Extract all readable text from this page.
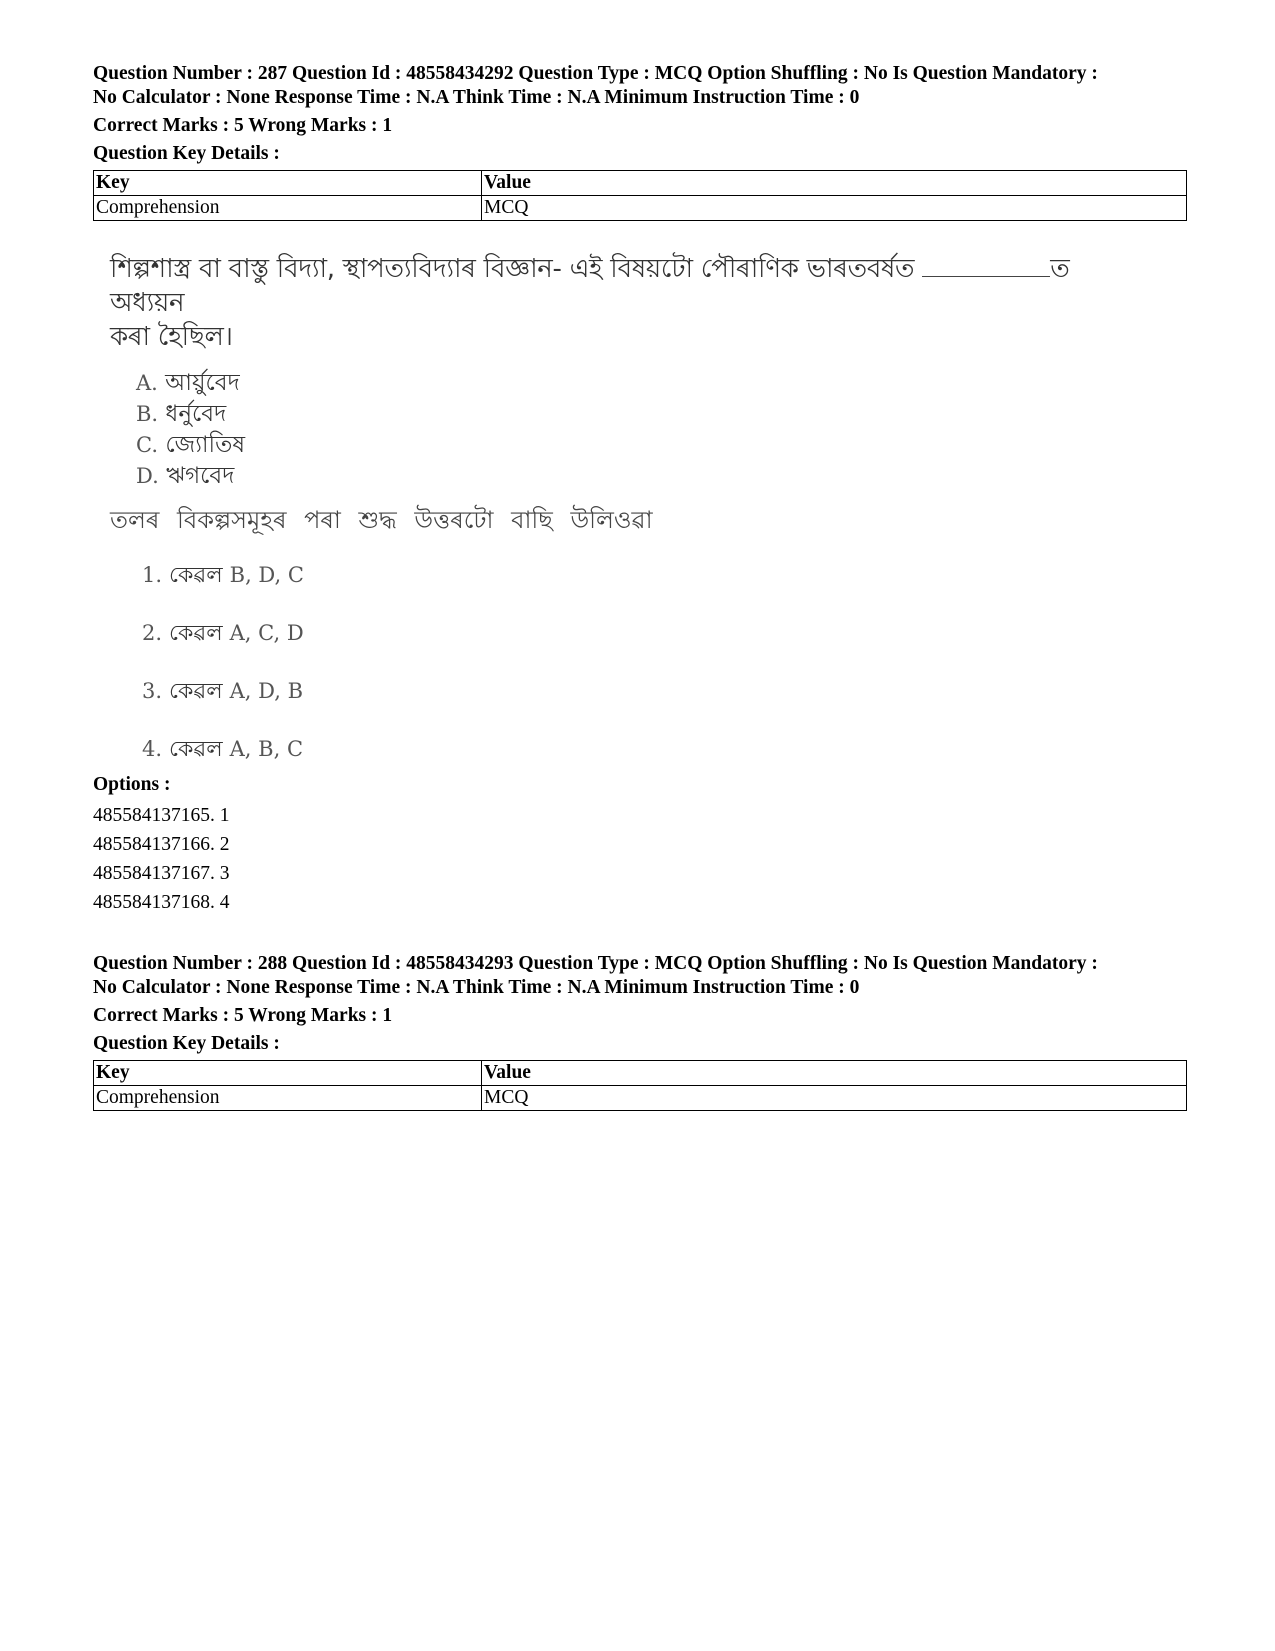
Question Number : 287 Question Id : 48558434292 Question Type : MCQ Option Shuffling : No Is Question Mandatory :

No Calculator : None Response Time : N.A Think Time : N.A Minimum Instruction Time : 0

Correct Marks : 5 Wrong Marks : 1

Question Key Details :

Key	Value
Comprehension	MCQ
শিল্পশাস্ত্ৰ বা বাস্তু বিদ্যা, স্থাপত্যবিদ্যাৰ বিজ্ঞান- এই বিষয়টো পৌৰাণিক ভাৰতবৰ্ষত	ত অধ্যয়ন
কৰা হৈছিল।
A. আৰ্য়ুবেদ
B. ধৰ্নুবেদ
C. জ্যোতিষ
D. ঋগবেদ
তলৰ বিকল্পসমূহৰ পৰা শুদ্ধ উত্তৰটো বাছি উলিওৱা
1. কেৱল B, D, C
2. কেৱল A, C, D
3. কেৱল A, D, B
4. কেৱল A, B, C
Options :
485584137165. 1
485584137166. 2
485584137167. 3
485584137168. 4

Question Number : 288 Question Id : 48558434293 Question Type : MCQ Option Shuffling : No Is Question Mandatory :

No Calculator : None Response Time : N.A Think Time : N.A Minimum Instruction Time : 0

Correct Marks : 5 Wrong Marks : 1

Question Key Details :

Key	Value
Comprehension	MCQ
